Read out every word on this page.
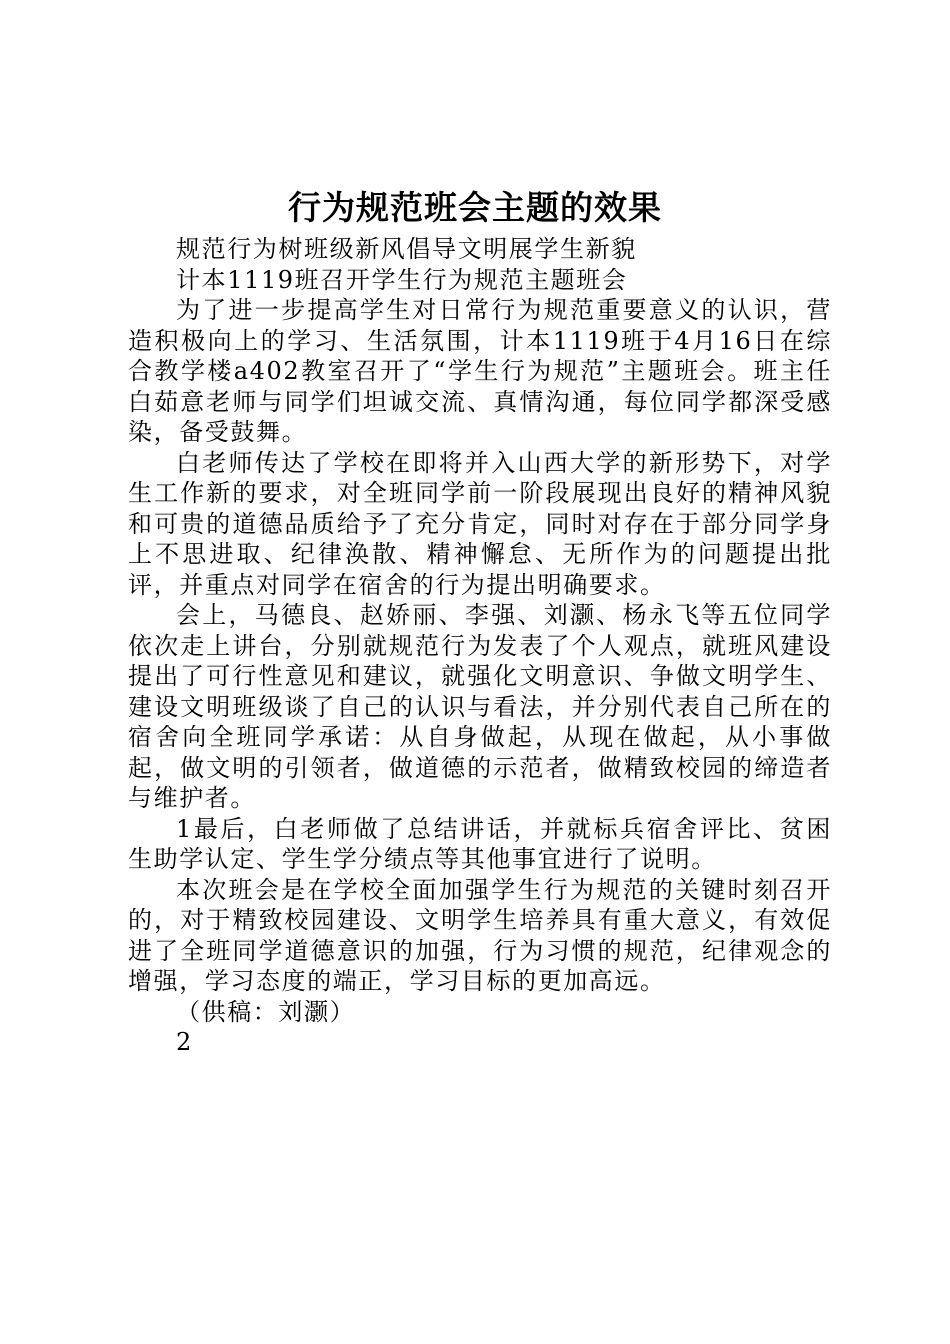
行为规范班会主题的效果

规范行为树班级新风倡导文明展学生新貌

计本1119班召开学生行为规范主题班会

为了进一步提高学生对日常行为规范重要意义的认识，营造积极向上的学习、生活氛围，计本1119班于4月16日在综合教学楼a402教室召开了“学生行为规范”主题班会。班主任白茹意老师与同学们坦诚交流、真情沟通，每位同学都深受感染，备受鼓舞。

白老师传达了学校在即将并入山西大学的新形势下，对学生工作新的要求，对全班同学前一阶段展现出良好的精神风貌和可贵的道德品质给予了充分肯定，同时对存在于部分同学身上不思进取、纪律涣散、精神懈怠、无所作为的问题提出批评，并重点对同学在宿舍的行为提出明确要求。

会上，马德良、赵娇丽、李强、刘灏、杨永飞等五位同学依次走上讲台，分别就规范行为发表了个人观点，就班风建设提出了可行性意见和建议，就强化文明意识、争做文明学生、建设文明班级谈了自己的认识与看法，并分别代表自己所在的宿舍向全班同学承诺：从自身做起，从现在做起，从小事做起，做文明的引领者，做道德的示范者，做精致校园的缔造者与维护者。

1最后，白老师做了总结讲话，并就标兵宿舍评比、贫困生助学认定、学生学分绩点等其他事宜进行了说明。

本次班会是在学校全面加强学生行为规范的关键时刻召开的，对于精致校园建设、文明学生培养具有重大意义，有效促进了全班同学道德意识的加强，行为习惯的规范，纪律观念的增强，学习态度的端正，学习目标的更加高远。

（供稿：刘灏）

2
